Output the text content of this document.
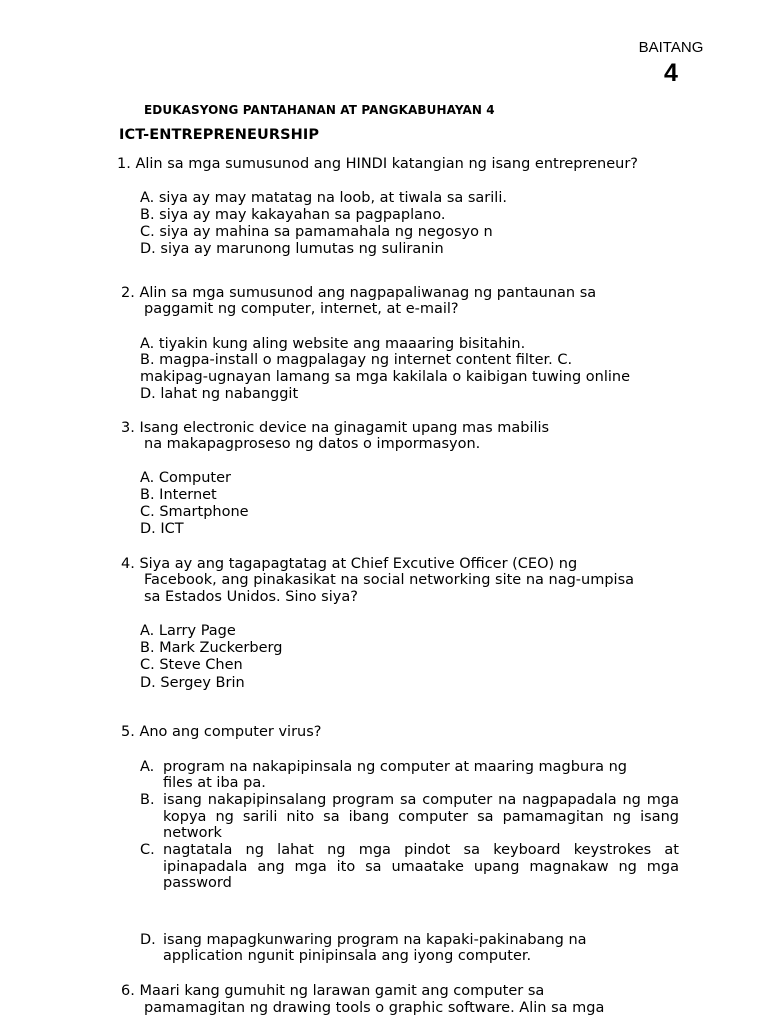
BAITANG
4
EDUKASYONG PANTAHANAN AT PANGKABUHAYAN 4
ICT-ENTREPRENEURSHIP
1. Alin sa mga sumusunod ang HINDI katangian ng isang entrepreneur?
A. siya ay may matatag na loob, at tiwala sa sarili.
B. siya ay may kakayahan sa pagpaplano.
C. siya ay mahina sa pamamahala ng negosyo n
D. siya ay marunong lumutas ng suliranin
2. Alin sa mga sumusunod ang nagpapaliwanag ng pantaunan sa
paggamit ng computer, internet, at e-mail?
A. tiyakin kung aling website ang maaaring bisitahin.
B. magpa-install o magpalagay ng internet content filter. C.
makipag-ugnayan lamang sa mga kakilala o kaibigan tuwing online
D. lahat ng nabanggit
3. Isang electronic device na ginagamit upang mas mabilis
na makapagproseso ng datos o impormasyon.
A. Computer
B. Internet
C. Smartphone
D. ICT
4. Siya ay ang tagapagtatag at Chief Excutive Officer (CEO) ng
Facebook, ang pinakasikat na social networking site na nag-umpisa
sa Estados Unidos. Sino siya?
A. Larry Page
B. Mark Zuckerberg
C. Steve Chen
D. Sergey Brin
5. Ano ang computer virus?
A. program na nakapipinsala ng computer at maaring magbura ng
files at iba pa.
B. isang nakapipinsalang program sa computer na nagpapadala ng mga kopya ng sarili nito sa ibang computer sa pamamagitan ng isang network
C. nagtatala ng lahat ng mga pindot sa keyboard keystrokes at ipinapadala ang mga ito sa umaatake upang magnakaw ng mga password
D. isang mapagkunwaring program na kapaki-pakinabang na
application ngunit pinipinsala ang iyong computer.
6. Maari kang gumuhit ng larawan gamit ang computer sa
pamamagitan ng drawing tools o graphic software. Alin sa mga
